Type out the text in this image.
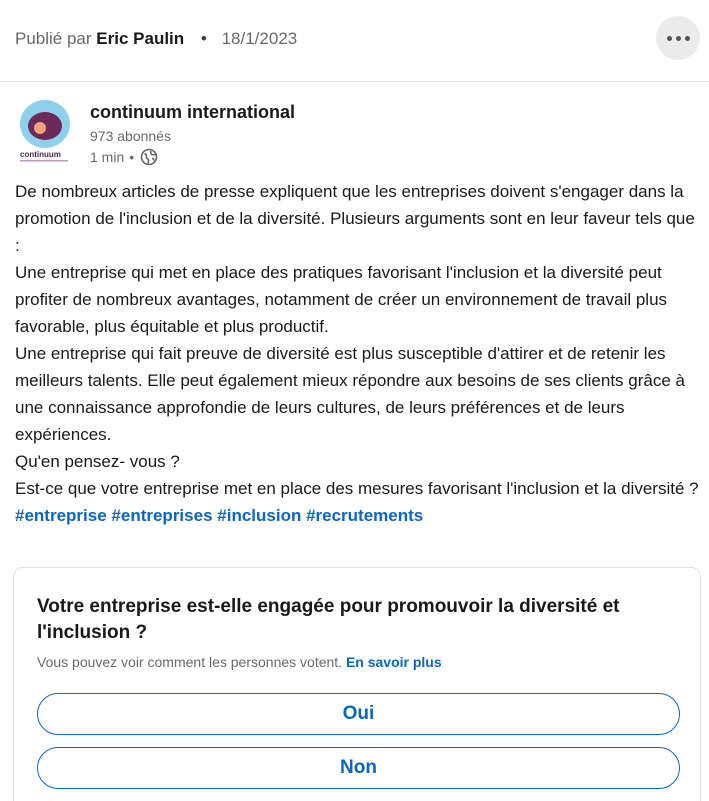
Publié par Eric Paulin • 18/1/2023
continuum
continuum international
973 abonnés
1 min •

De nombreux articles de presse expliquent que les entreprises doivent s'engager dans la promotion de l'inclusion et de la diversité. Plusieurs arguments sont en leur faveur tels que :

Une entreprise qui met en place des pratiques favorisant l'inclusion et la diversité peut profiter de nombreux avantages, notamment de créer un environnement de travail plus favorable, plus équitable et plus productif.

Une entreprise qui fait preuve de diversité est plus susceptible d'attirer et de retenir les meilleurs talents. Elle peut également mieux répondre aux besoins de ses clients grâce à une connaissance approfondie de leurs cultures, de leurs préférences et de leurs expériences.

Qu'en pensez- vous ?

Est-ce que votre entreprise met en place des mesures favorisant l'inclusion et la diversité ?

#entreprise #entreprises #inclusion #recrutements

Votre entreprise est-elle engagée pour promouvoir la diversité et l'inclusion ?
Vous pouvez voir comment les personnes votent. En savoir plus
Oui
Non
